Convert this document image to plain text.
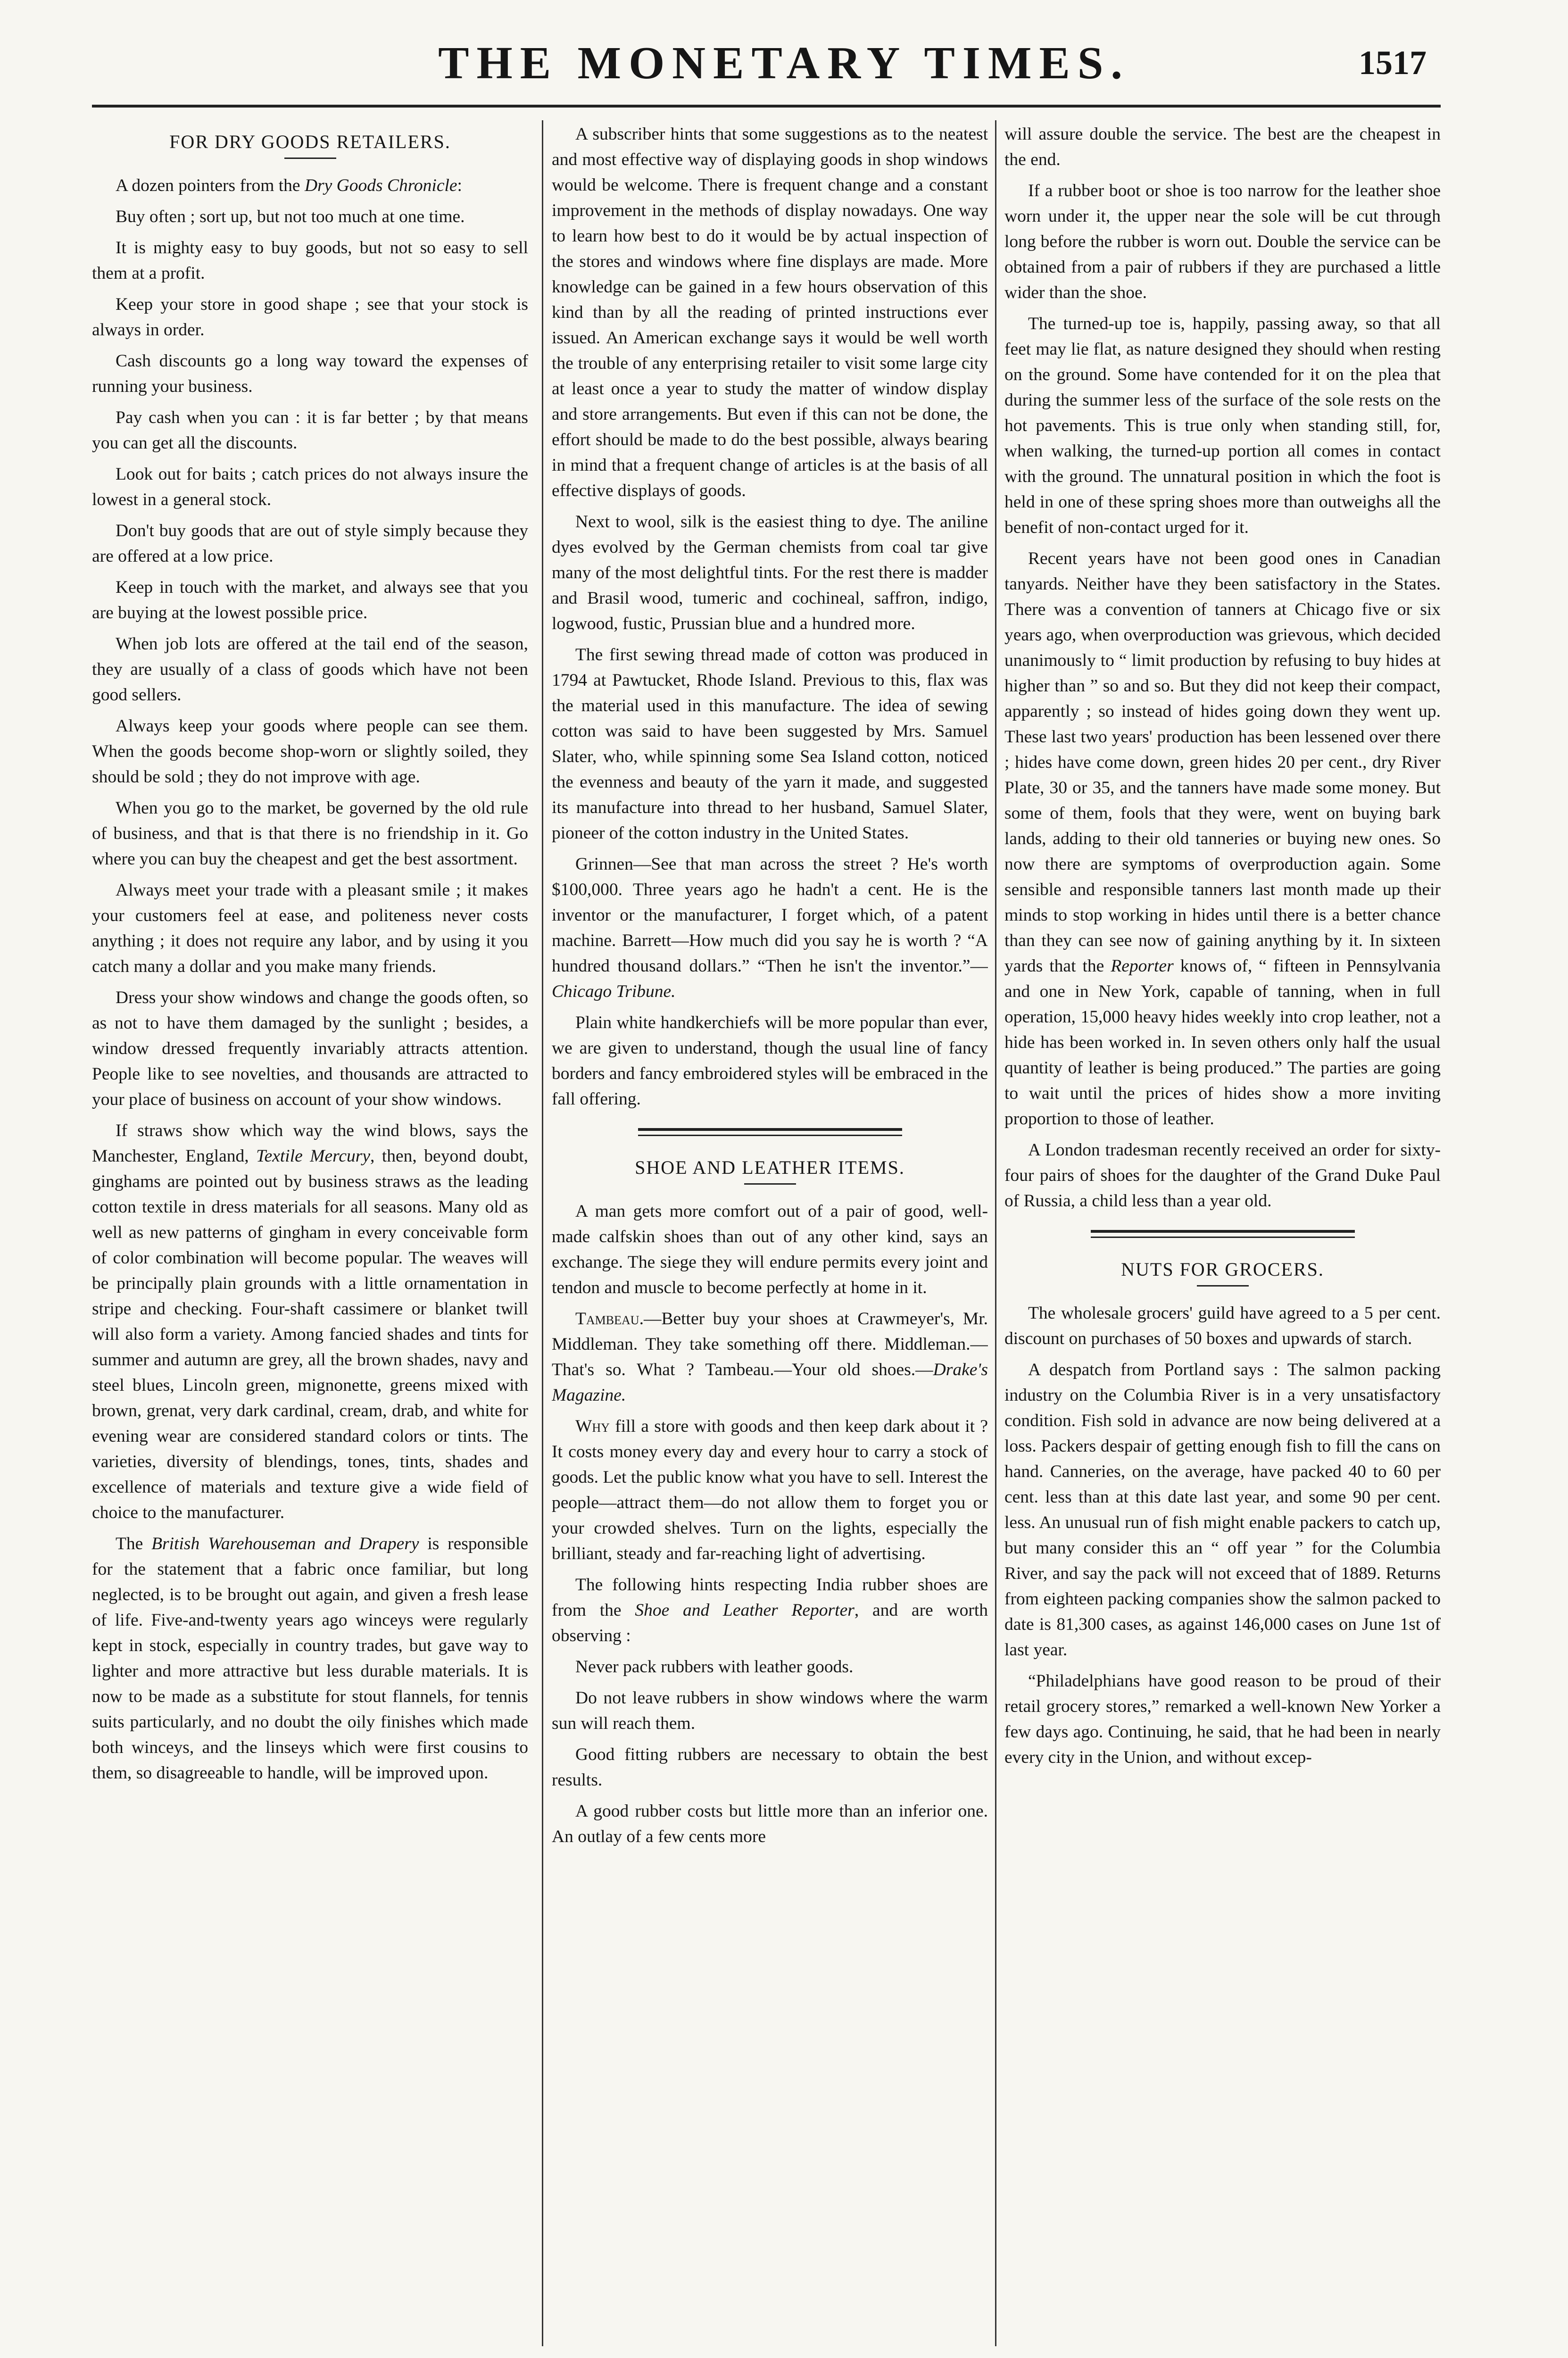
THE MONETARY TIMES.	1517
FOR DRY GOODS RETAILERS.

A dozen pointers from the Dry Goods Chronicle:

Buy often ; sort up, but not too much at one time.

It is mighty easy to buy goods, but not so easy to sell them at a profit.

Keep your store in good shape ; see that your stock is always in order.

Cash discounts go a long way toward the expenses of running your business.

Pay cash when you can : it is far better ; by that means you can get all the discounts.

Look out for baits ; catch prices do not always insure the lowest in a general stock.

Don't buy goods that are out of style simply because they are offered at a low price.

Keep in touch with the market, and always see that you are buying at the lowest possible price.

When job lots are offered at the tail end of the season, they are usually of a class of goods which have not been good sellers.

Always keep your goods where people can see them. When the goods become shop-worn or slightly soiled, they should be sold ; they do not improve with age.

When you go to the market, be governed by the old rule of business, and that is that there is no friendship in it. Go where you can buy the cheapest and get the best assortment.

Always meet your trade with a pleasant smile ; it makes your customers feel at ease, and politeness never costs anything ; it does not require any labor, and by using it you catch many a dollar and you make many friends.

Dress your show windows and change the goods often, so as not to have them damaged by the sunlight ; besides, a window dressed frequently invariably attracts attention. People like to see novelties, and thousands are attracted to your place of business on account of your show windows.

If straws show which way the wind blows, says the Manchester, England, Textile Mercury, then, beyond doubt, ginghams are pointed out by business straws as the leading cotton textile in dress materials for all seasons. Many old as well as new patterns of gingham in every conceivable form of color combination will become popular. The weaves will be principally plain grounds with a little ornamentation in stripe and checking. Four-shaft cassimere or blanket twill will also form a variety. Among fancied shades and tints for summer and autumn are grey, all the brown shades, navy and steel blues, Lincoln green, mignonette, greens mixed with brown, grenat, very dark cardinal, cream, drab, and white for evening wear are considered standard colors or tints. The varieties, diversity of blendings, tones, tints, shades and excellence of materials and texture give a wide field of choice to the manufacturer.

The British Warehouseman and Drapery is responsible for the statement that a fabric once familiar, but long neglected, is to be brought out again, and given a fresh lease of life. Five-and-twenty years ago winceys were regularly kept in stock, especially in country trades, but gave way to lighter and more attractive but less durable materials. It is now to be made as a substitute for stout flannels, for tennis suits particularly, and no doubt the oily finishes which made both winceys, and the linseys which were first cousins to them, so disagreeable to handle, will be improved upon.

A subscriber hints that some suggestions as to the neatest and most effective way of displaying goods in shop windows would be welcome. There is frequent change and a constant improvement in the methods of display nowadays. One way to learn how best to do it would be by actual inspection of the stores and windows where fine displays are made. More knowledge can be gained in a few hours observation of this kind than by all the reading of printed instructions ever issued. An American exchange says it would be well worth the trouble of any enterprising retailer to visit some large city at least once a year to study the matter of window display and store arrangements. But even if this can not be done, the effort should be made to do the best possible, always bearing in mind that a frequent change of articles is at the basis of all effective displays of goods.

Next to wool, silk is the easiest thing to dye. The aniline dyes evolved by the German chemists from coal tar give many of the most delightful tints. For the rest there is madder and Brasil wood, tumeric and cochineal, saffron, indigo, logwood, fustic, Prussian blue and a hundred more.

The first sewing thread made of cotton was produced in 1794 at Pawtucket, Rhode Island. Previous to this, flax was the material used in this manufacture. The idea of sewing cotton was said to have been suggested by Mrs. Samuel Slater, who, while spinning some Sea Island cotton, noticed the evenness and beauty of the yarn it made, and suggested its manufacture into thread to her husband, Samuel Slater, pioneer of the cotton industry in the United States.

Grinnen—See that man across the street ? He's worth $100,000. Three years ago he hadn't a cent. He is the inventor or the manufacturer, I forget which, of a patent machine. Barrett—How much did you say he is worth ? “A hundred thousand dollars.” “Then he isn't the inventor.”—Chicago Tribune.

Plain white handkerchiefs will be more popular than ever, we are given to understand, though the usual line of fancy borders and fancy embroidered styles will be embraced in the fall offering.

SHOE AND LEATHER ITEMS.

A man gets more comfort out of a pair of good, well-made calfskin shoes than out of any other kind, says an exchange. The siege they will endure permits every joint and tendon and muscle to become perfectly at home in it.

Tambeau.—Better buy your shoes at Crawmeyer's, Mr. Middleman. They take something off there. Middleman.—That's so. What ? Tambeau.—Your old shoes.—Drake's Magazine.

Why fill a store with goods and then keep dark about it ? It costs money every day and every hour to carry a stock of goods. Let the public know what you have to sell. Interest the people—attract them—do not allow them to forget you or your crowded shelves. Turn on the lights, especially the brilliant, steady and far-reaching light of advertising.

The following hints respecting India rubber shoes are from the Shoe and Leather Reporter, and are worth observing :

Never pack rubbers with leather goods.

Do not leave rubbers in show windows where the warm sun will reach them.

Good fitting rubbers are necessary to obtain the best results.

A good rubber costs but little more than an inferior one. An outlay of a few cents more

will assure double the service. The best are the cheapest in the end.

If a rubber boot or shoe is too narrow for the leather shoe worn under it, the upper near the sole will be cut through long before the rubber is worn out. Double the service can be obtained from a pair of rubbers if they are purchased a little wider than the shoe.

The turned-up toe is, happily, passing away, so that all feet may lie flat, as nature designed they should when resting on the ground. Some have contended for it on the plea that during the summer less of the surface of the sole rests on the hot pavements. This is true only when standing still, for, when walking, the turned-up portion all comes in contact with the ground. The unnatural position in which the foot is held in one of these spring shoes more than outweighs all the benefit of non-contact urged for it.

Recent years have not been good ones in Canadian tanyards. Neither have they been satisfactory in the States. There was a convention of tanners at Chicago five or six years ago, when overproduction was grievous, which decided unanimously to “ limit production by refusing to buy hides at higher than ” so and so. But they did not keep their compact, apparently ; so instead of hides going down they went up. These last two years' production has been lessened over there ; hides have come down, green hides 20 per cent., dry River Plate, 30 or 35, and the tanners have made some money. But some of them, fools that they were, went on buying bark lands, adding to their old tanneries or buying new ones. So now there are symptoms of overproduction again. Some sensible and responsible tanners last month made up their minds to stop working in hides until there is a better chance than they can see now of gaining anything by it. In sixteen yards that the Reporter knows of, “ fifteen in Pennsylvania and one in New York, capable of tanning, when in full operation, 15,000 heavy hides weekly into crop leather, not a hide has been worked in. In seven others only half the usual quantity of leather is being produced.” The parties are going to wait until the prices of hides show a more inviting proportion to those of leather.

A London tradesman recently received an order for sixty-four pairs of shoes for the daughter of the Grand Duke Paul of Russia, a child less than a year old.

NUTS FOR GROCERS.

The wholesale grocers' guild have agreed to a 5 per cent. discount on purchases of 50 boxes and upwards of starch.

A despatch from Portland says : The salmon packing industry on the Columbia River is in a very unsatisfactory condition. Fish sold in advance are now being delivered at a loss. Packers despair of getting enough fish to fill the cans on hand. Canneries, on the average, have packed 40 to 60 per cent. less than at this date last year, and some 90 per cent. less. An unusual run of fish might enable packers to catch up, but many consider this an “ off year ” for the Columbia River, and say the pack will not exceed that of 1889. Returns from eighteen packing companies show the salmon packed to date is 81,300 cases, as against 146,000 cases on June 1st of last year.

“Philadelphians have good reason to be proud of their retail grocery stores,” remarked a well-known New Yorker a few days ago. Continuing, he said, that he had been in nearly every city in the Union, and without excep-
